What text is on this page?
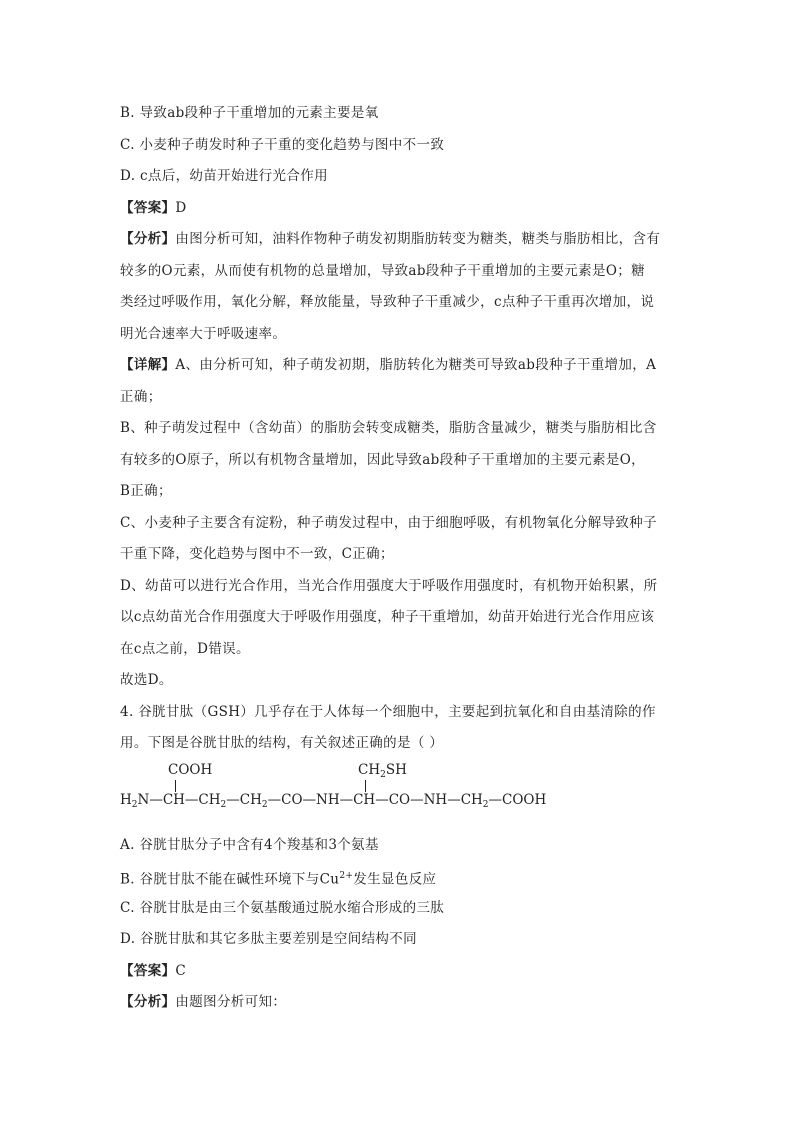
B. 导致ab段种子干重增加的元素主要是氧
C. 小麦种子萌发时种子干重的变化趋势与图中不一致
D. c点后，幼苗开始进行光合作用
【答案】D
【分析】由图分析可知，油料作物种子萌发初期脂肪转变为糖类，糖类与脂肪相比，含有
较多的O元素，从而使有机物的总量增加，导致ab段种子干重增加的主要元素是O；糖
类经过呼吸作用，氧化分解，释放能量，导致种子干重减少，c点种子干重再次增加，说
明光合速率大于呼吸速率。
【详解】A、由分析可知，种子萌发初期，脂肪转化为糖类可导致ab段种子干重增加，A
正确；
B、种子萌发过程中（含幼苗）的脂肪会转变成糖类，脂肪含量减少，糖类与脂肪相比含
有较多的O原子，所以有机物含量增加，因此导致ab段种子干重增加的主要元素是O，
B正确；
C、小麦种子主要含有淀粉，种子萌发过程中，由于细胞呼吸，有机物氧化分解导致种子
干重下降，变化趋势与图中不一致，C正确；
D、幼苗可以进行光合作用，当光合作用强度大于呼吸作用强度时，有机物开始积累，所
以c点幼苗光合作用强度大于呼吸作用强度，种子干重增加，幼苗开始进行光合作用应该
在c点之前，D错误。
故选D。
4. 谷胱甘肽（GSH）几乎存在于人体每一个细胞中，主要起到抗氧化和自由基清除的作
用。下图是谷胱甘肽的结构，有关叙述正确的是（ ）
COOH	$CH_2SH$
$H_2N—CH—CH_2—CH_2—CO—NH—CH—CO—NH—CH_2—COOH$
A. 谷胱甘肽分子中含有4个羧基和3个氨基
B. 谷胱甘肽不能在碱性环境下与$Cu^{2+}$发生显色反应
C. 谷胱甘肽是由三个氨基酸通过脱水缩合形成的三肽
D. 谷胱甘肽和其它多肽主要差别是空间结构不同
【答案】C
【分析】由题图分析可知：
